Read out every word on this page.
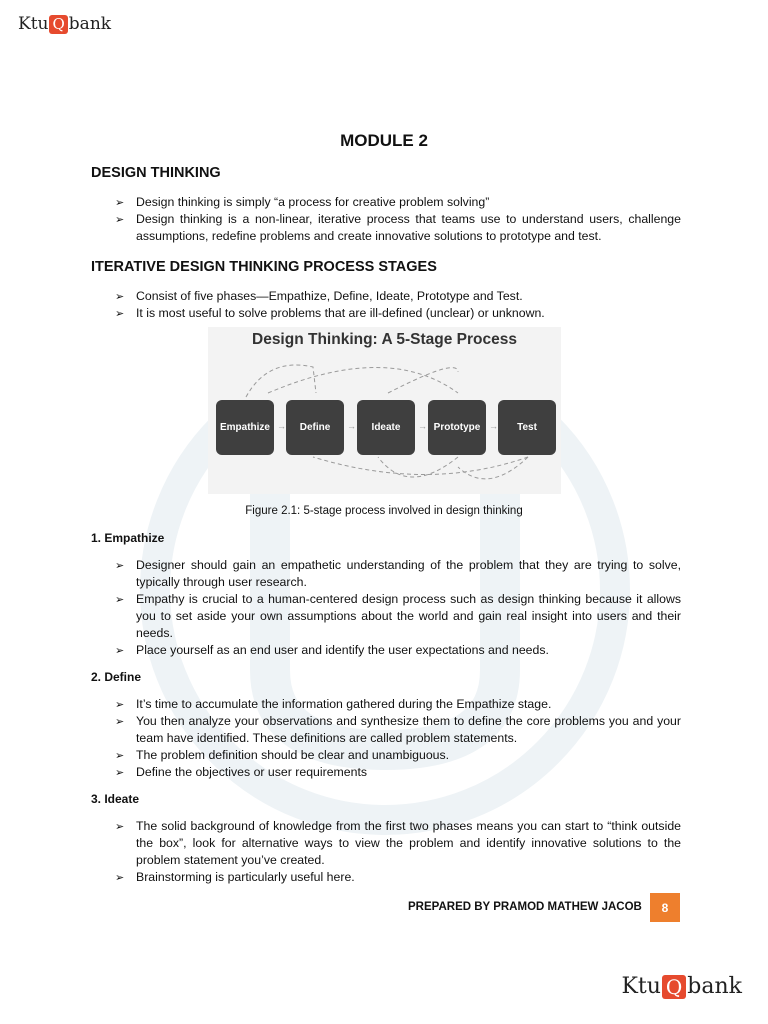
Ktu Q bank
MODULE 2
DESIGN THINKING
➢ Design thinking is simply “a process for creative problem solving”
➢ Design thinking is a non-linear, iterative process that teams use to understand users, challenge assumptions, redefine problems and create innovative solutions to prototype and test.
ITERATIVE DESIGN THINKING PROCESS STAGES
➢ Consist of five phases—Empathize, Define, Ideate, Prototype and Test.
➢ It is most useful to solve problems that are ill-defined (unclear) or unknown.
Design Thinking: A 5-Stage Process
Empathize →	Define	→	Ideate	→ Prototype →	Test
Figure 2.1: 5-stage process involved in design thinking
1. Empathize
➢ Designer should gain an empathetic understanding of the problem that they are trying to solve, typically through user research.
➢ Empathy is crucial to a human-centered design process such as design thinking because it allows you to set aside your own assumptions about the world and gain real insight into users and their needs.
➢ Place yourself as an end user and identify the user expectations and needs.
2. Define
➢ It’s time to accumulate the information gathered during the Empathize stage.
➢ You then analyze your observations and synthesize them to define the core problems you and your team have identified. These definitions are called problem statements.
➢ The problem definition should be clear and unambiguous.
➢ Define the objectives or user requirements
3. Ideate
➢ The solid background of knowledge from the first two phases means you can start to “think outside the box”, look for alternative ways to view the problem and identify innovative solutions to the problem statement you’ve created.
➢ Brainstorming is particularly useful here.
PREPARED BY PRAMOD MATHEW JACOB	8
Ktu Q bank
